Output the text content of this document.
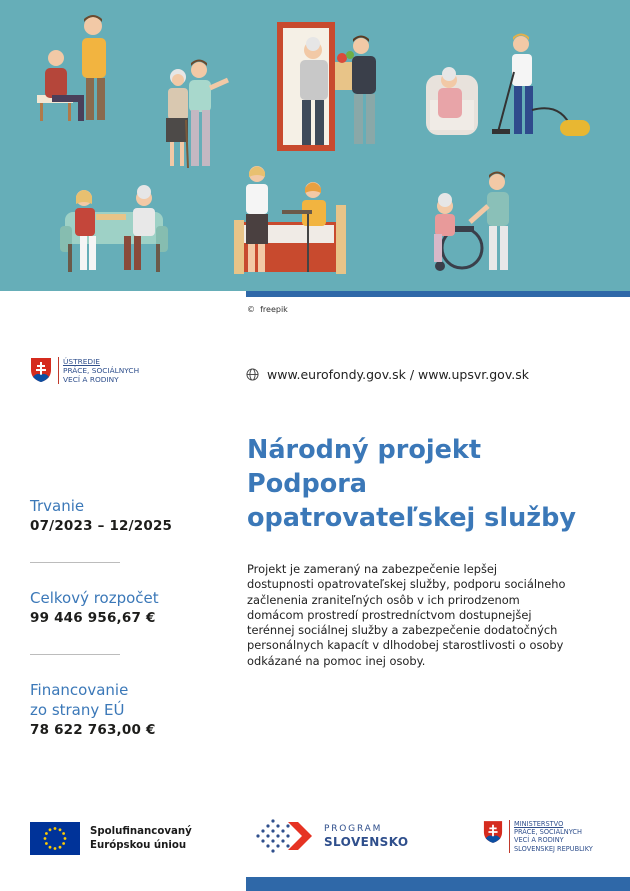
© freepik
ÚSTREDIE
PRÁCE, SOCIÁLNYCH
VECÍ A RODINY	www.eurofondy.gov.sk / www.upsvr.gov.sk
Národný projekt
Podpora
opatrovateľskej služby
Projekt je zameraný na zabezpečenie lepšej dostupnosti opatrovateľskej služby, podporu sociálneho začlenenia zraniteľných osôb v ich prirodzenom domácom prostredí prostredníctvom dostupnejšej terénnej sociálnej služby a zabezpečenie dodatočných personálnych kapacít v dlhodobej starostlivosti o osoby odkázané na pomoc inej osoby.
Trvanie
07/2023 – 12/2025
Celkový rozpočet
99 446 956,67 €
Financovanie
zo strany EÚ
78 622 763,00 €
Spolufinancovaný
Európskou úniou
PROGRAM
SLOVENSKO
MINISTERSTVO
PRÁCE, SOCIÁLNYCH
VECÍ A RODINY
SLOVENSKEJ REPUBLIKY
